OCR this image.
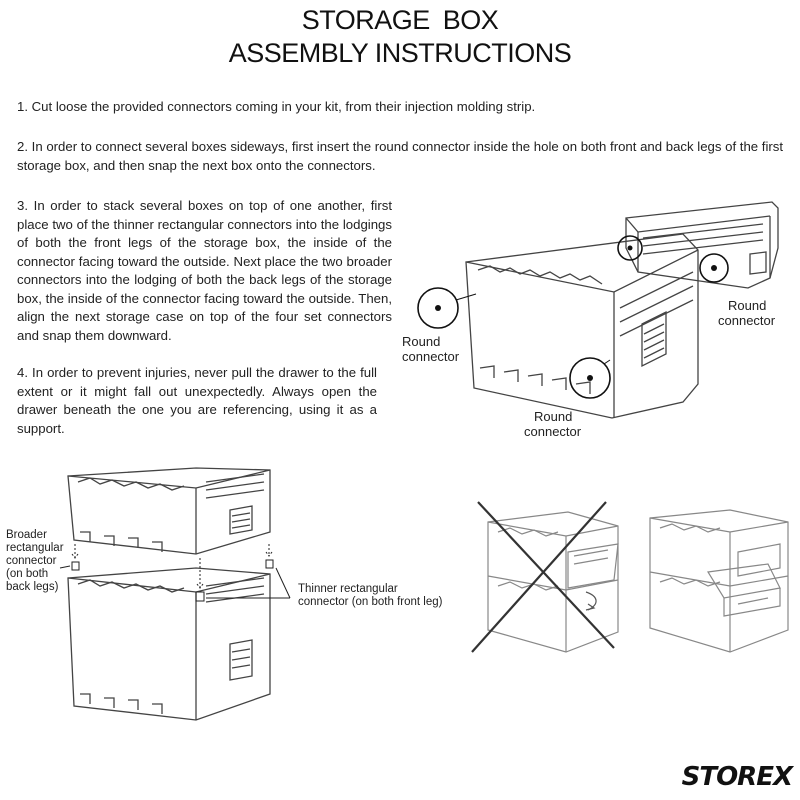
STORAGE BOX
ASSEMBLY INSTRUCTIONS
1. Cut loose the provided connectors coming in your kit, from their injection molding strip.
2. In order to connect several boxes sideways, first insert the round connector inside the hole on both front and back legs of the first storage box, and then snap the next box onto the connectors.
3. In order to stack several boxes on top of one another, first place two of the thinner rectangular connectors into the lodgings of both the front legs of the storage box, the inside of the connector facing toward the outside. Next place the two broader connectors into the lodging of both the back legs of the storage box, the inside of the connector facing toward the outside. Then, align the next storage case on top of the four set connectors and snap them downward.
4. In order to prevent injuries, never pull the drawer to the full extent or it might fall out unexpectedly. Always open the drawer beneath the one you are referencing, using it as a support.
Round connector
Round connector
Round connector
Broader rectangular connector (on both back legs)	Thinner rectangular connector (on both front leg)
STOREX
